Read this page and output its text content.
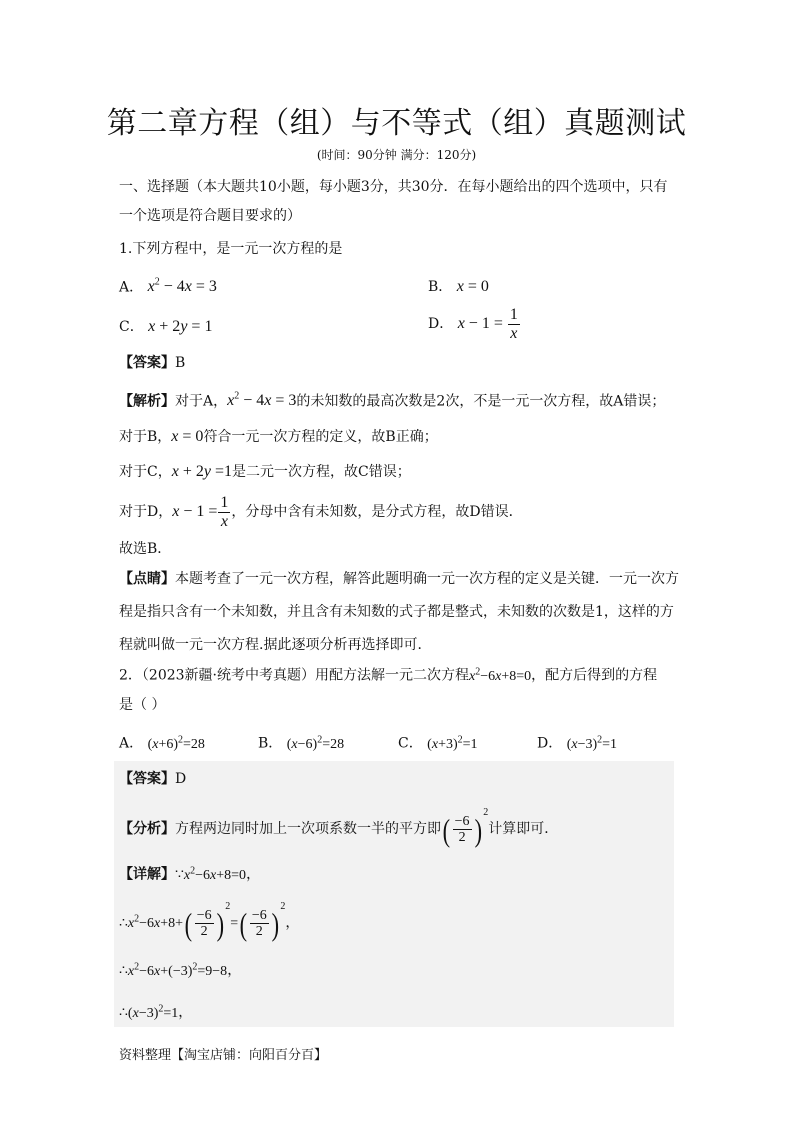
第二章方程（组）与不等式（组）真题测试
(时间：90分钟 满分：120分)
一、选择题（本大题共10小题，每小题3分，共30分．在每小题给出的四个选项中，只有
一个选项是符合题目要求的）
1.下列方程中，是一元一次方程的是
A． $x^2 - 4x = 3$	B． x = 0
C． x + 2y = 1	D． $x - 1 = \frac{1}{x}$
【答案】B
【解析】对于A，$x^2 - 4x = 3$的未知数的最高次数是2次，不是一元一次方程，故A错误；
对于B，x = 0符合一元一次方程的定义，故B正确；
对于C，x + 2y =1是二元一次方程，故C错误；
对于D，$x - 1 = \frac{1}{x}$ ，分母中含有未知数，是分式方程，故D错误．
故选B．
【点睛】本题考查了一元一次方程，解答此题明确一元一次方程的定义是关键．一元一次方
程是指只含有一个未知数，并且含有未知数的式子都是整式，未知数的次数是1，这样的方
程就叫做一元一次方程.据此逐项分析再选择即可．
2．（2023新疆·统考中考真题）用配方法解一元二次方程$x^2-6x+8=0$，配方后得到的方程
是（ ）
A． $(x+6)^2=28$	B． $(x-6)^2=28$	C． $(x+3)^2=1$	D． $(x-3)^2=1$
【答案】D
【分析】方程两边同时加上一次项系数一半的平方即( $\frac{-6}{2}$ ) $^2$计算即可．
【详解】$\because x^2-6x+8=0$，
$\therefore x^2-6x+8+( \frac{-6}{2}$ ) $^2=( \frac{-6}{2}$ ) $^2$，
$\therefore x^2-6x+(-3)^2=9-8$，
$\therefore(x-3)^2=1$，
资料整理【淘宝店铺：向阳百分百】
